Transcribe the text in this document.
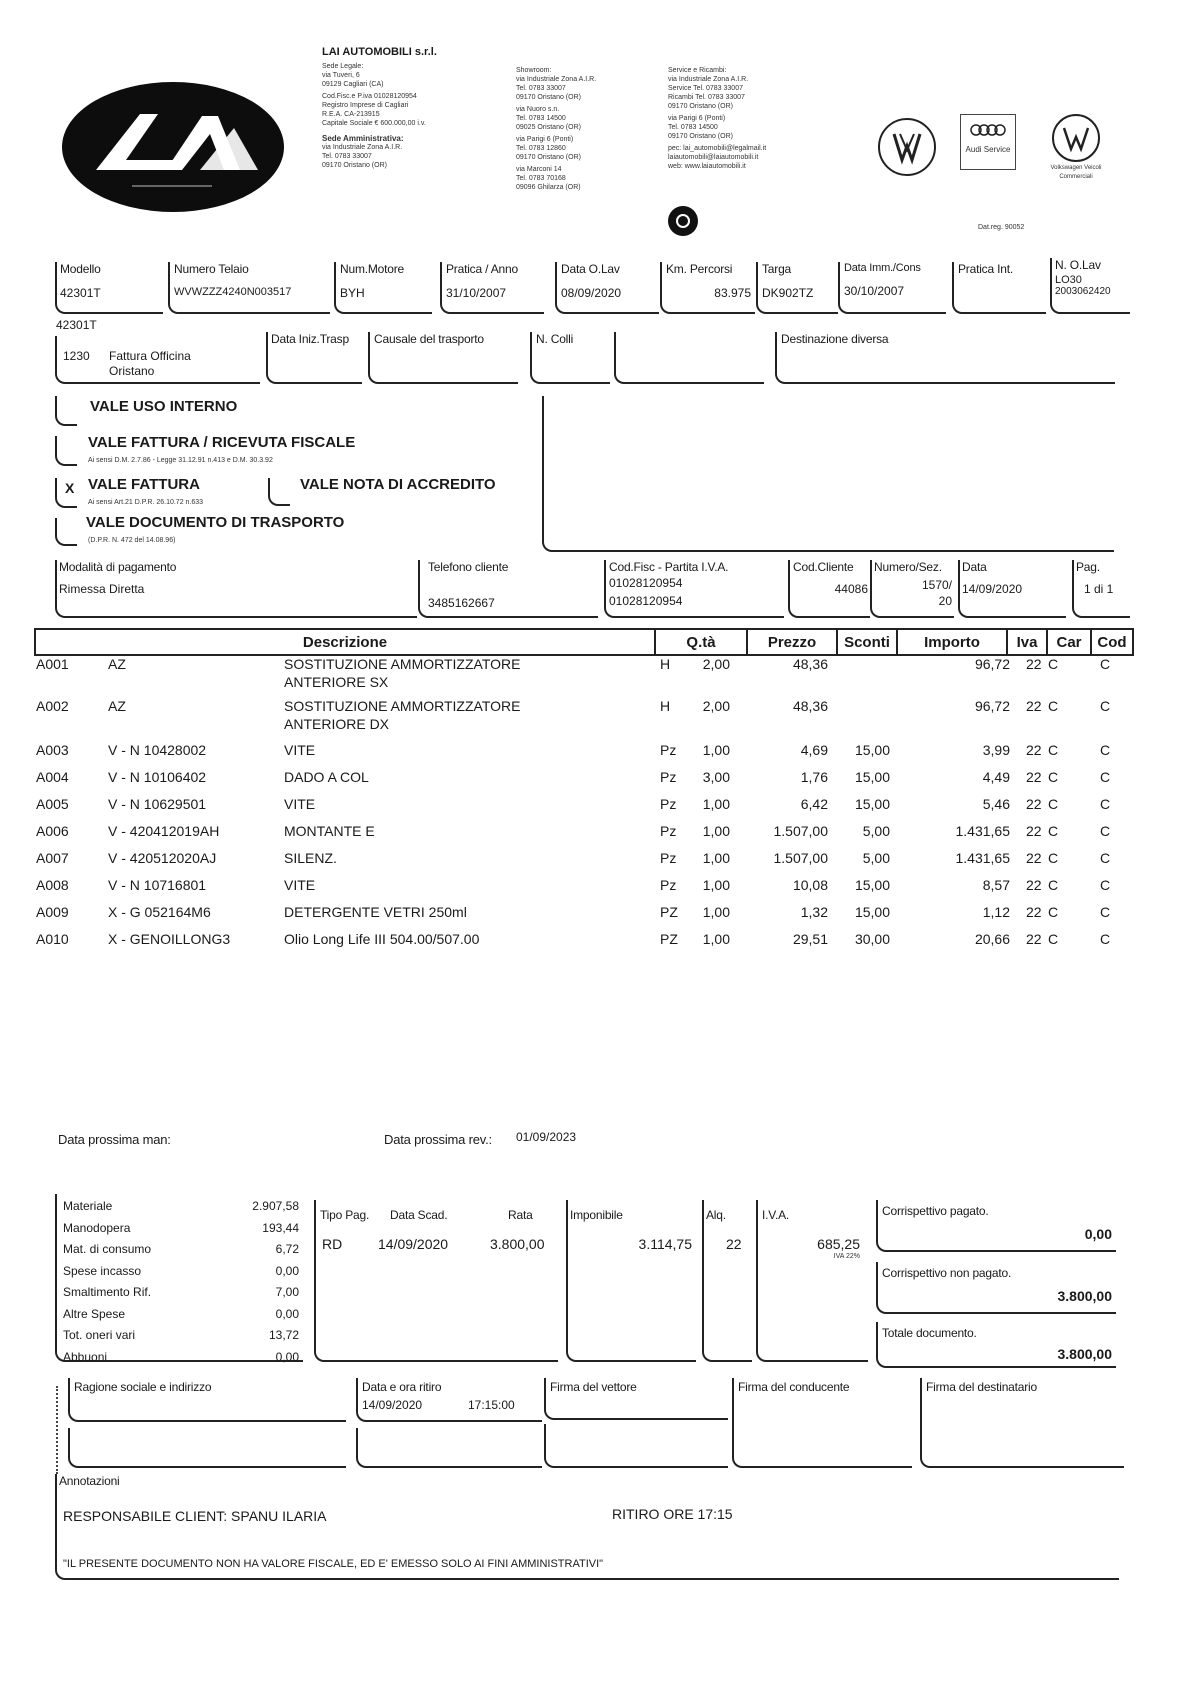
LAI AUTOMOBILI s.r.l.
Sede Legale:
via Tuveri, 6
09129 Cagliari (CA)
Cod.Fisc.e P.iva 01028120954
Registro Imprese di Cagliari
R.E.A. CA-213915
Capitale Sociale € 600.000,00 i.v.
Sede Amministrativa:
via Industriale Zona A.I.R.
Tel. 0783 33007
09170 Oristano (OR)
Showroom:
via Industriale Zona A.I.R.
Tel. 0783 33007
09170 Oristano (OR)
via Nuoro s.n.
Tel. 0783 14500
09025 Oristano (OR)
via Parigi 6 (Ponti)
Tel. 0783 12860
09170 Oristano (OR)
via Marconi 14
Tel. 0783 70168
09096 Ghilarza (OR)
Service e Ricambi:
via Industriale Zona A.I.R.
Service Tel. 0783 33007
Ricambi Tel. 0783 33007
09170 Oristano (OR)
via Parigi 6 (Ponti)
Tel. 0783 14500
09170 Oristano (OR)
pec: lai_automobili@legalmail.it
laiautomobili@laiautomobili.it
web: www.laiautomobili.it
Audi Service
Volkswagen Veicoli Commerciali
Dat.reg. 90052
Modello
42301T
Numero Telaio
WVWZZZ4240N003517
Num.Motore
BYH
Pratica / Anno
31/10/2007
Data O.Lav
08/09/2020
Km. Percorsi
83.975
Targa
DK902TZ
Data Imm./Cons
30/10/2007
Pratica Int.	N. O.Lav
LO30
2003062420
42301T
1230 Fattura Officina
Oristano
Data Iniz.Trasp	Causale del trasporto	N. Colli	Destinazione diversa
VALE USO INTERNO
VALE FATTURA / RICEVUTA FISCALE
Ai sensi D.M. 2.7.86 - Legge 31.12.91 n.413 e D.M. 30.3.92
X VALE FATTURA
Ai sensi Art.21 D.P.R. 26.10.72 n.633
VALE NOTA DI ACCREDITO
VALE DOCUMENTO DI TRASPORTO
(D.P.R. N. 472 del 14.08.96)
Modalità di pagamento
Rimessa Diretta
Telefono cliente
3485162667
Cod.Fisc - Partita I.V.A.
01028120954
01028120954
Cod.Cliente
44086
Numero/Sez.
1570/
20
Data
14/09/2020
Pag.
1 di 1
Descrizione	Q.tà	Prezzo	Sconti	Importo	Iva	Car	Cod
A001	AZ	SOSTITUZIONE AMMORTIZZATORE
ANTERIORE SX
H 2,00	48,36	96,72 22 C	C
A002	AZ	SOSTITUZIONE AMMORTIZZATORE
ANTERIORE DX
H 2,00	48,36	96,72 22 C	C
A003	V - N 10428002	VITE	Pz 1,00	4,69 15,00	3,99 22 C	C
A004	V - N 10106402	DADO A COL	Pz 3,00	1,76 15,00	4,49 22 C	C
A005	V - N 10629501	VITE	Pz 1,00	6,42 15,00	5,46 22 C	C
A006	V - 420412019AH	MONTANTE E	Pz 1,00	1.507,00 5,00	1.431,65 22 C	C
A007	V - 420512020AJ	SILENZ.	Pz 1,00	1.507,00 5,00	1.431,65 22 C	C
A008	V - N 10716801	VITE	Pz 1,00	10,08 15,00	8,57 22 C	C
A009	X - G 052164M6	DETERGENTE VETRI 250ml	PZ 1,00	1,32 15,00	1,12 22 C	C
A010	X - GENOILLONG3	Olio Long Life III 504.00/507.00	PZ 1,00	29,51 30,00	20,66 22 C	C
Data prossima man:	Data prossima rev.: 01/09/2023
Materiale	2.907,58
Manodopera	193,44
Mat. di consumo	6,72
Spese incasso	0,00
Smaltimento Rif.	7,00
Altre Spese	0,00
Tot. oneri vari	13,72
Abbuoni	0,00
Tipo Pag. Data Scad.	Rata
RD	14/09/2020	3.800,00
Imponibile
3.114,75
Alq.
22
I.V.A.
685,25
IVA 22%
Corrispettivo pagato.
0,00
Corrispettivo non pagato.
3.800,00
Totale documento.
3.800,00
Ragione sociale e indirizzo	Data e ora ritiro
14/09/2020	17:15:00
Firma del vettore	Firma del conducente	Firma del destinatario
Annotazioni
RESPONSABILE CLIENT: SPANU ILARIA	RITIRO ORE 17:15
"IL PRESENTE DOCUMENTO NON HA VALORE FISCALE, ED E' EMESSO SOLO AI FINI AMMINISTRATIVI"
